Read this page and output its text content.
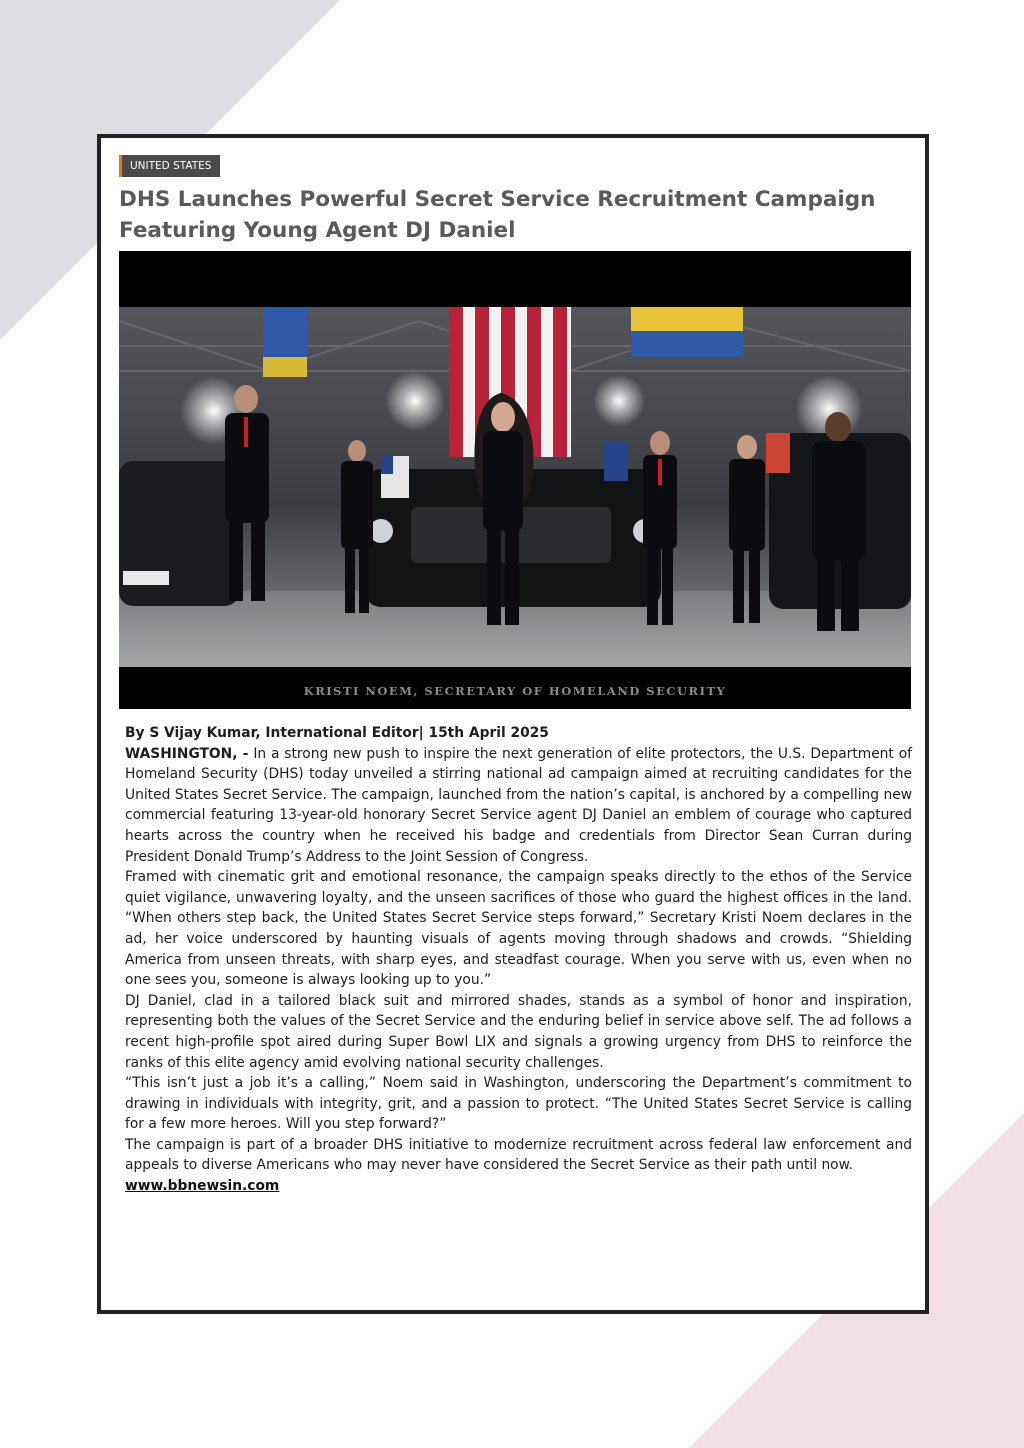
UNITED STATES
DHS Launches Powerful Secret Service Recruitment Campaign Featuring Young Agent DJ Daniel
KRISTI NOEM, SECRETARY OF HOMELAND SECURITY

By S Vijay Kumar, International Editor| 15th April 2025

WASHINGTON, - In a strong new push to inspire the next generation of elite protectors, the U.S. Department of Homeland Security (DHS) today unveiled a stirring national ad campaign aimed at recruiting candidates for the United States Secret Service. The campaign, launched from the nation’s capital, is anchored by a compelling new commercial featuring 13-year-old honorary Secret Service agent DJ Daniel an emblem of courage who captured hearts across the country when he received his badge and credentials from Director Sean Curran during President Donald Trump’s Address to the Joint Session of Congress.

Framed with cinematic grit and emotional resonance, the campaign speaks directly to the ethos of the Service quiet vigilance, unwavering loyalty, and the unseen sacrifices of those who guard the highest offices in the land. “When others step back, the United States Secret Service steps forward,” Secretary Kristi Noem declares in the ad, her voice underscored by haunting visuals of agents moving through shadows and crowds. “Shielding America from unseen threats, with sharp eyes, and steadfast courage. When you serve with us, even when no one sees you, someone is always looking up to you.”

DJ Daniel, clad in a tailored black suit and mirrored shades, stands as a symbol of honor and inspiration, representing both the values of the Secret Service and the enduring belief in service above self. The ad follows a recent high-profile spot aired during Super Bowl LIX and signals a growing urgency from DHS to reinforce the ranks of this elite agency amid evolving national security challenges.

“This isn’t just a job it’s a calling,” Noem said in Washington, underscoring the Department’s commitment to drawing in individuals with integrity, grit, and a passion to protect. “The United States Secret Service is calling for a few more heroes. Will you step forward?”

The campaign is part of a broader DHS initiative to modernize recruitment across federal law enforcement and appeals to diverse Americans who may never have considered the Secret Service as their path until now.

www.bbnewsin.com
